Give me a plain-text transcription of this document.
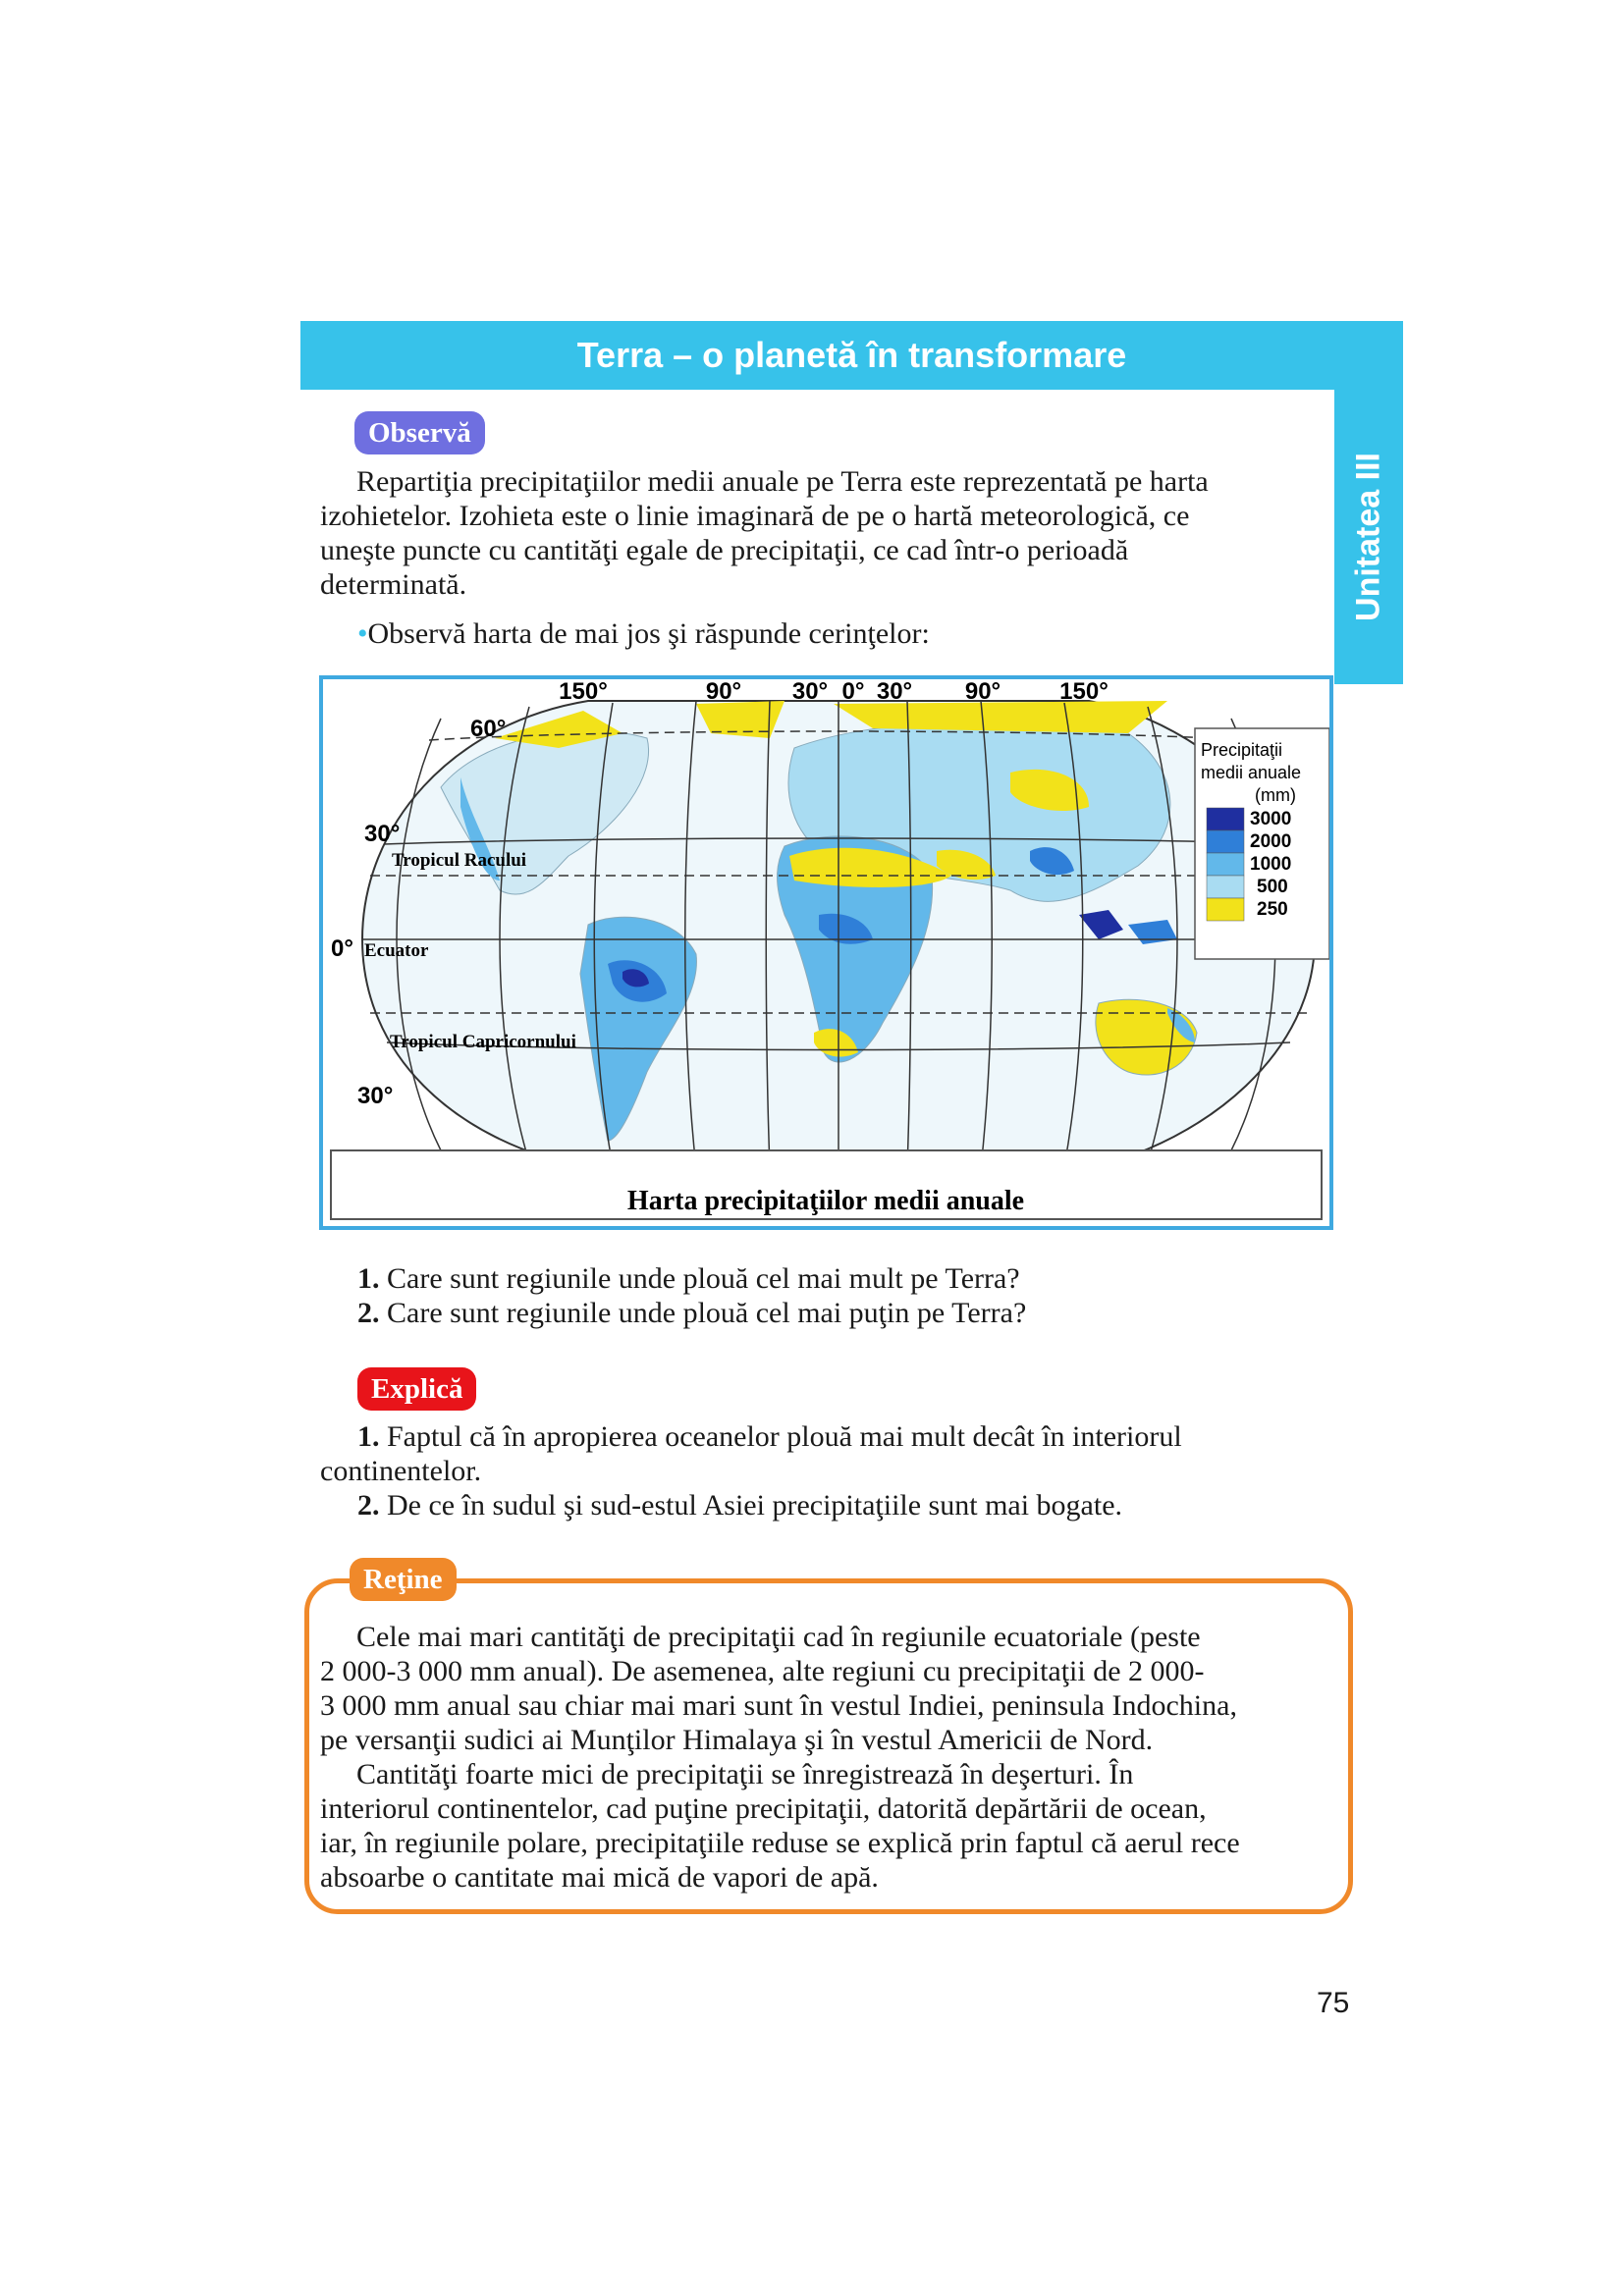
Terra – o planetă în transformare
Unitatea III
Observă
Repartiţia precipitaţiilor medii anuale pe Terra este reprezentată pe harta
izohietelor. Izohieta este o linie imaginară de pe o hartă meteorologică, ce
uneşte puncte cu cantităţi egale de precipitaţii, ce cad într-o perioadă
determinată.
•Observă harta de mai jos şi răspunde cerinţelor:
Harta precipitaţiilor medii anuale
150°	90° 30° 0° 30° 90°	150°
60°
30°
0°
30°
Tropicul Racului
Ecuator
Tropicul Capricornului
Precipitaţii
medii anuale
(mm)
3000
2000
1000
500
250
1. Care sunt regiunile unde plouă cel mai mult pe Terra?
2. Care sunt regiunile unde plouă cel mai puţin pe Terra?
Explică
1. Faptul că în apropierea oceanelor plouă mai mult decât în interiorul
continentelor.
2. De ce în sudul şi sud-estul Asiei precipitaţiile sunt mai bogate.
Reţine
Cele mai mari cantităţi de precipitaţii cad în regiunile ecuatoriale (peste
2 000-3 000 mm anual). De asemenea, alte regiuni cu precipitaţii de 2 000-
3 000 mm anual sau chiar mai mari sunt în vestul Indiei, peninsula Indochina,
pe versanţii sudici ai Munţilor Himalaya şi în vestul Americii de Nord.
Cantităţi foarte mici de precipitaţii se înregistrează în deşerturi. În
interiorul continentelor, cad puţine precipitaţii, datorită depărtării de ocean,
iar, în regiunile polare, precipitaţiile reduse se explică prin faptul că aerul rece
absoarbe o cantitate mai mică de vapori de apă.
75
